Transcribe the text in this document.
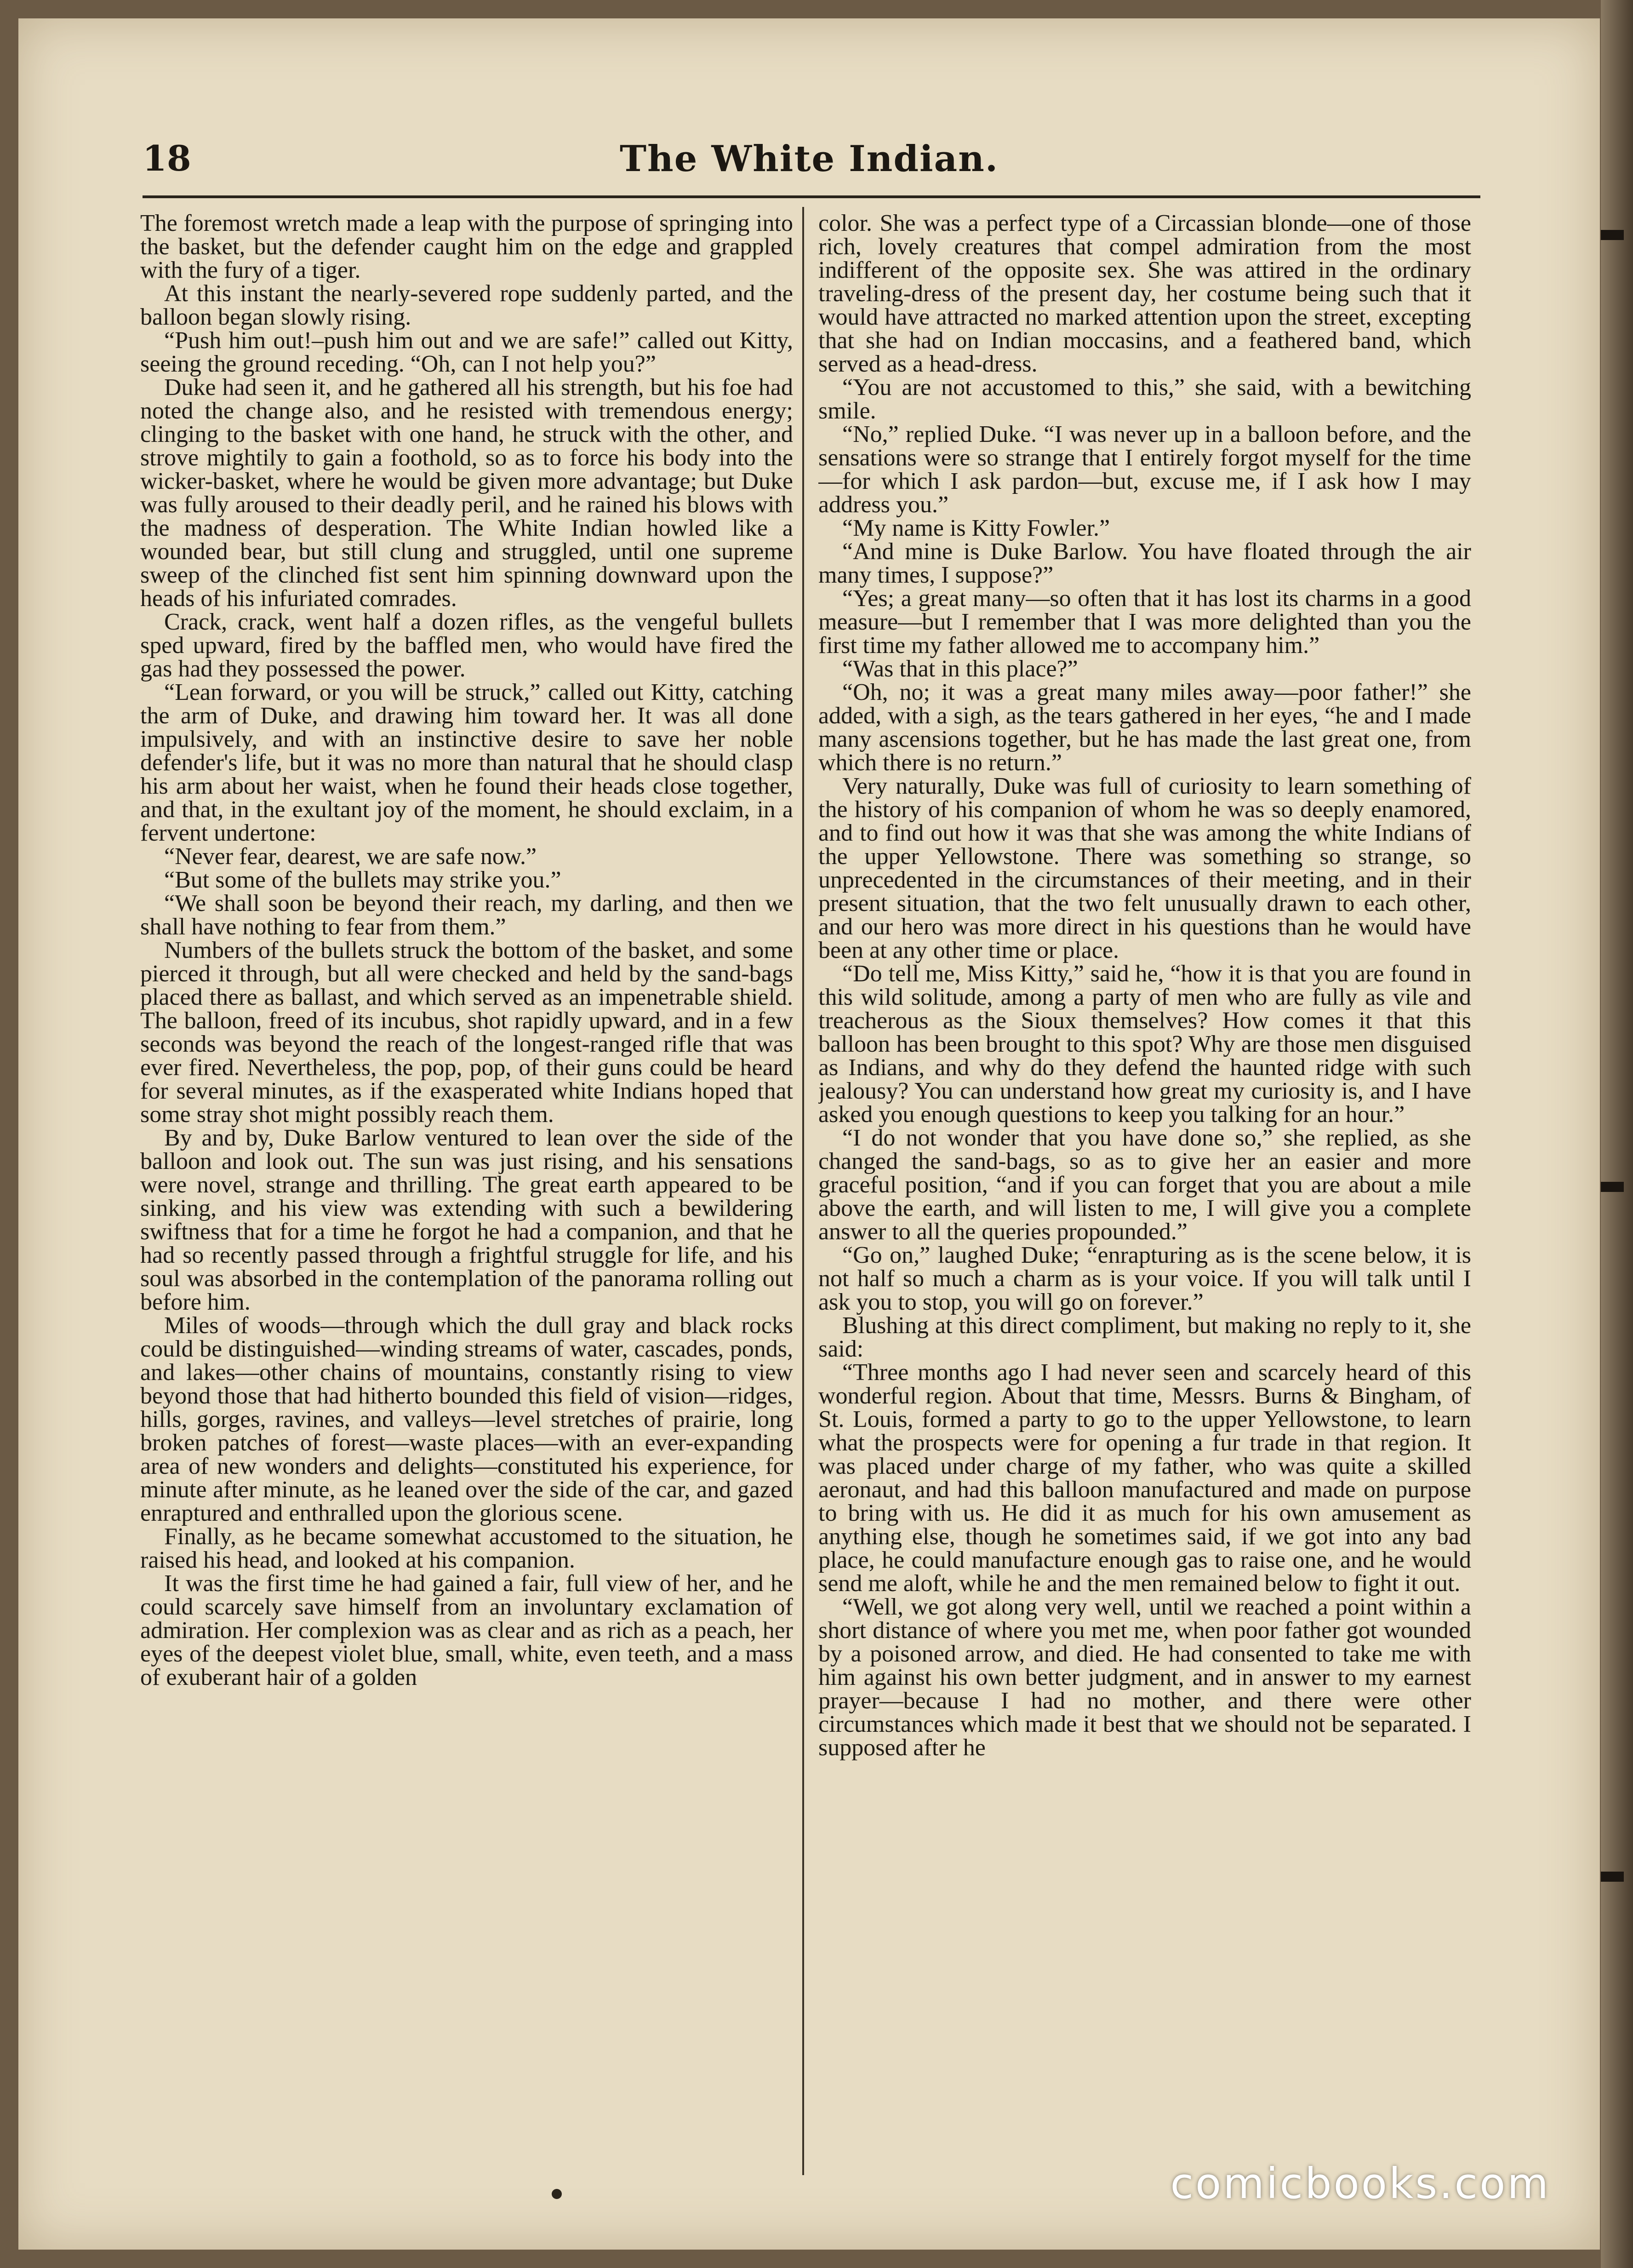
18	The White Indian.

The foremost wretch made a leap with the purpose of springing into the basket, but the defender caught him on the edge and grappled with the fury of a tiger.

At this instant the nearly-severed rope suddenly parted, and the balloon began slowly rising.

“Push him out!–push him out and we are safe!” called out Kitty, seeing the ground receding. “Oh, can I not help you?”

Duke had seen it, and he gathered all his strength, but his foe had noted the change also, and he resisted with tremendous energy; clinging to the basket with one hand, he struck with the other, and strove mightily to gain a foothold, so as to force his body into the wicker-basket, where he would be given more advantage; but Duke was fully aroused to their deadly peril, and he rained his blows with the madness of desperation. The White Indian howled like a wounded bear, but still clung and struggled, until one supreme sweep of the clinched fist sent him spinning downward upon the heads of his infuriated comrades.

Crack, crack, went half a dozen rifles, as the vengeful bullets sped upward, fired by the baffled men, who would have fired the gas had they possessed the power.

“Lean forward, or you will be struck,” called out Kitty, catching the arm of Duke, and drawing him toward her. It was all done impulsively, and with an instinctive desire to save her noble defender's life, but it was no more than natural that he should clasp his arm about her waist, when he found their heads close together, and that, in the exultant joy of the moment, he should exclaim, in a fervent undertone:

“Never fear, dearest, we are safe now.”

“But some of the bullets may strike you.”

“We shall soon be beyond their reach, my darling, and then we shall have nothing to fear from them.”

Numbers of the bullets struck the bottom of the basket, and some pierced it through, but all were checked and held by the sand-bags placed there as ballast, and which served as an impenetrable shield. The balloon, freed of its incubus, shot rapidly upward, and in a few seconds was beyond the reach of the longest-ranged rifle that was ever fired. Nevertheless, the pop, pop, of their guns could be heard for several minutes, as if the exasperated white Indians hoped that some stray shot might possibly reach them.

By and by, Duke Barlow ventured to lean over the side of the balloon and look out. The sun was just rising, and his sensations were novel, strange and thrilling. The great earth appeared to be sinking, and his view was extending with such a bewildering swiftness that for a time he forgot he had a companion, and that he had so recently passed through a frightful struggle for life, and his soul was absorbed in the contemplation of the panorama rolling out before him.

Miles of woods—through which the dull gray and black rocks could be distinguished—winding streams of water, cascades, ponds, and lakes—other chains of mountains, constantly rising to view beyond those that had hitherto bounded this field of vision—ridges, hills, gorges, ravines, and valleys—level stretches of prairie, long broken patches of forest—waste places—with an ever-expanding area of new wonders and delights—constituted his experience, for minute after minute, as he leaned over the side of the car, and gazed enraptured and enthralled upon the glorious scene.

Finally, as he became somewhat accustomed to the situation, he raised his head, and looked at his companion.

It was the first time he had gained a fair, full view of her, and he could scarcely save himself from an involuntary exclamation of admiration. Her complexion was as clear and as rich as a peach, her eyes of the deepest violet blue, small, white, even teeth, and a mass of exuberant hair of a golden

color. She was a perfect type of a Circassian blonde—one of those rich, lovely creatures that compel admiration from the most indifferent of the opposite sex. She was attired in the ordinary traveling-dress of the present day, her costume being such that it would have attracted no marked attention upon the street, excepting that she had on Indian moccasins, and a feathered band, which served as a head-dress.

“You are not accustomed to this,” she said, with a bewitching smile.

“No,” replied Duke. “I was never up in a balloon before, and the sensations were so strange that I entirely forgot myself for the time—for which I ask pardon—but, excuse me, if I ask how I may address you.”

“My name is Kitty Fowler.”

“And mine is Duke Barlow. You have floated through the air many times, I suppose?”

“Yes; a great many—so often that it has lost its charms in a good measure—but I remember that I was more delighted than you the first time my father allowed me to accompany him.”

“Was that in this place?”

“Oh, no; it was a great many miles away—poor father!” she added, with a sigh, as the tears gathered in her eyes, “he and I made many ascensions together, but he has made the last great one, from which there is no return.”

Very naturally, Duke was full of curiosity to learn something of the history of his companion of whom he was so deeply enamored, and to find out how it was that she was among the white Indians of the upper Yellowstone. There was something so strange, so unprecedented in the circumstances of their meeting, and in their present situation, that the two felt unusually drawn to each other, and our hero was more direct in his questions than he would have been at any other time or place.

“Do tell me, Miss Kitty,” said he, “how it is that you are found in this wild solitude, among a party of men who are fully as vile and treacherous as the Sioux themselves? How comes it that this balloon has been brought to this spot? Why are those men disguised as Indians, and why do they defend the haunted ridge with such jealousy? You can understand how great my curiosity is, and I have asked you enough questions to keep you talking for an hour.”

“I do not wonder that you have done so,” she replied, as she changed the sand-bags, so as to give her an easier and more graceful position, “and if you can forget that you are about a mile above the earth, and will listen to me, I will give you a complete answer to all the queries propounded.”

“Go on,” laughed Duke; “enrapturing as is the scene below, it is not half so much a charm as is your voice. If you will talk until I ask you to stop, you will go on forever.”

Blushing at this direct compliment, but making no reply to it, she said:

“Three months ago I had never seen and scarcely heard of this wonderful region. About that time, Messrs. Burns & Bingham, of St. Louis, formed a party to go to the upper Yellowstone, to learn what the prospects were for opening a fur trade in that region. It was placed under charge of my father, who was quite a skilled aeronaut, and had this balloon manufactured and made on purpose to bring with us. He did it as much for his own amusement as anything else, though he sometimes said, if we got into any bad place, he could manufacture enough gas to raise one, and he would send me aloft, while he and the men remained below to fight it out.

“Well, we got along very well, until we reached a point within a short distance of where you met me, when poor father got wounded by a poisoned arrow, and died. He had consented to take me with him against his own better judgment, and in answer to my earnest prayer—because I had no mother, and there were other circumstances which made it best that we should not be separated. I supposed after he

comicbooks.com
